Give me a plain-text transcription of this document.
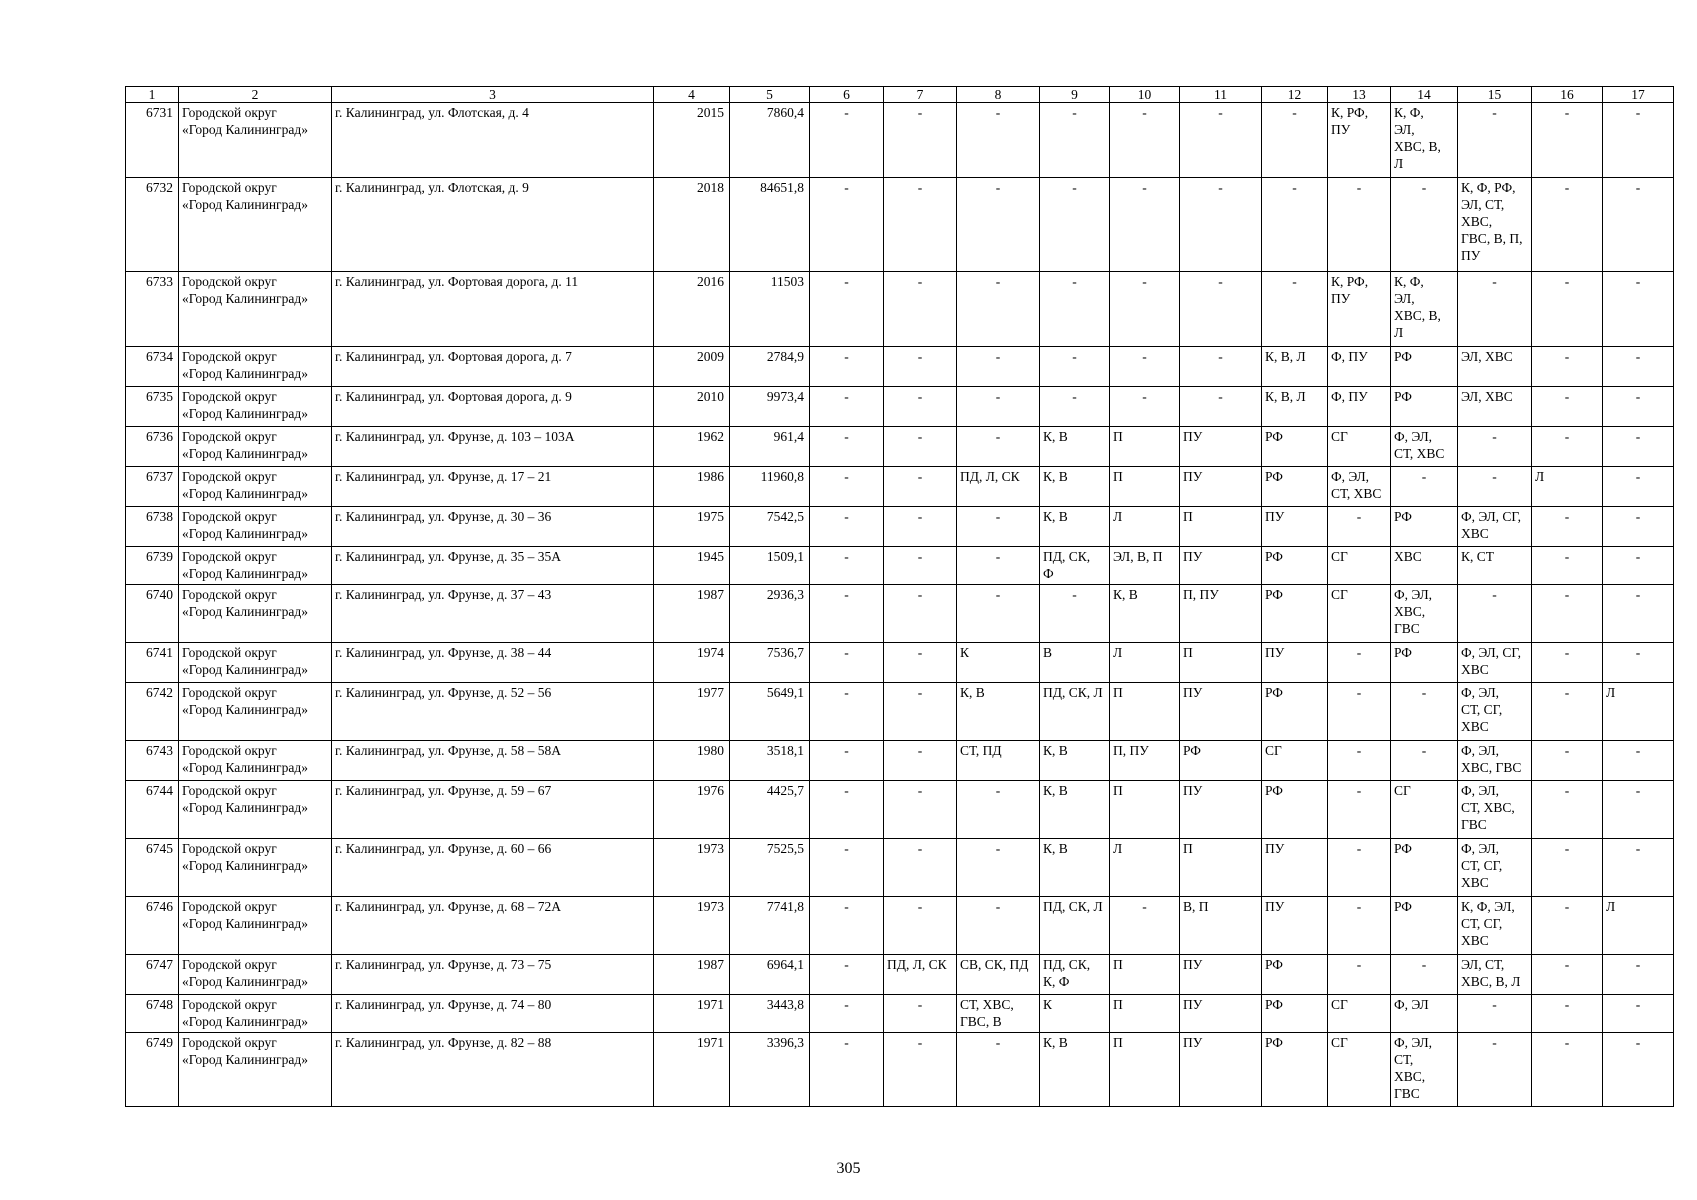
1	2	3	4	5	6	7	8	9	10	11	12	13	14	15	16	17
6731	Городской округ
«Город Калининград»	г. Калининград, ул. Флотская, д. 4	2015	7860,4	-	-	-	-	-	-	-	К, РФ,
ПУ	К, Ф,
ЭЛ,
ХВС, В,
Л	-	-	-
6732	Городской округ
«Город Калининград»	г. Калининград, ул. Флотская, д. 9	2018	84651,8	-	-	-	-	-	-	-	-	-	К, Ф, РФ,
ЭЛ, СТ,
ХВС,
ГВС, В, П,
ПУ	-	-
6733	Городской округ
«Город Калининград»	г. Калининград, ул. Фортовая дорога, д. 11	2016	11503	-	-	-	-	-	-	-	К, РФ,
ПУ	К, Ф,
ЭЛ,
ХВС, В,
Л	-	-	-
6734	Городской округ
«Город Калининград»	г. Калининград, ул. Фортовая дорога, д. 7	2009	2784,9	-	-	-	-	-	-	К, В, Л	Ф, ПУ	РФ	ЭЛ, ХВС	-	-
6735	Городской округ
«Город Калининград»	г. Калининград, ул. Фортовая дорога, д. 9	2010	9973,4	-	-	-	-	-	-	К, В, Л	Ф, ПУ	РФ	ЭЛ, ХВС	-	-
6736	Городской округ
«Город Калининград»	г. Калининград, ул. Фрунзе, д. 103 – 103А	1962	961,4	-	-	-	К, В	П	ПУ	РФ	СГ	Ф, ЭЛ,
СТ, ХВС	-	-	-
6737	Городской округ
«Город Калининград»	г. Калининград, ул. Фрунзе, д. 17 – 21	1986	11960,8	-	-	ПД, Л, СК	К, В	П	ПУ	РФ	Ф, ЭЛ,
СТ, ХВС	-	-	Л	-
6738	Городской округ
«Город Калининград»	г. Калининград, ул. Фрунзе, д. 30 – 36	1975	7542,5	-	-	-	К, В	Л	П	ПУ	-	РФ	Ф, ЭЛ, СГ,
ХВС	-	-
6739	Городской округ
«Город Калининград»	г. Калининград, ул. Фрунзе, д. 35 – 35А	1945	1509,1	-	-	-	ПД, СК,
Ф	ЭЛ, В, П	ПУ	РФ	СГ	ХВС	К, СТ	-	-
6740	Городской округ
«Город Калининград»	г. Калининград, ул. Фрунзе, д. 37 – 43	1987	2936,3	-	-	-	-	К, В	П, ПУ	РФ	СГ	Ф, ЭЛ,
ХВС,
ГВС	-	-	-
6741	Городской округ
«Город Калининград»	г. Калининград, ул. Фрунзе, д. 38 – 44	1974	7536,7	-	-	К	В	Л	П	ПУ	-	РФ	Ф, ЭЛ, СГ,
ХВС	-	-
6742	Городской округ
«Город Калининград»	г. Калининград, ул. Фрунзе, д. 52 – 56	1977	5649,1	-	-	К, В	ПД, СК, Л	П	ПУ	РФ	-	-	Ф, ЭЛ,
СТ, СГ,
ХВС	-	Л
6743	Городской округ
«Город Калининград»	г. Калининград, ул. Фрунзе, д. 58 – 58А	1980	3518,1	-	-	СТ, ПД	К, В	П, ПУ	РФ	СГ	-	-	Ф, ЭЛ,
ХВС, ГВС	-	-
6744	Городской округ
«Город Калининград»	г. Калининград, ул. Фрунзе, д. 59 – 67	1976	4425,7	-	-	-	К, В	П	ПУ	РФ	-	СГ	Ф, ЭЛ,
СТ, ХВС,
ГВС	-	-
6745	Городской округ
«Город Калининград»	г. Калининград, ул. Фрунзе, д. 60 – 66	1973	7525,5	-	-	-	К, В	Л	П	ПУ	-	РФ	Ф, ЭЛ,
СТ, СГ,
ХВС	-	-
6746	Городской округ
«Город Калининград»	г. Калининград, ул. Фрунзе, д. 68 – 72А	1973	7741,8	-	-	-	ПД, СК, Л	-	В, П	ПУ	-	РФ	К, Ф, ЭЛ,
СТ, СГ,
ХВС	-	Л
6747	Городской округ
«Город Калининград»	г. Калининград, ул. Фрунзе, д. 73 – 75	1987	6964,1	-	ПД, Л, СК	СВ, СК, ПД	ПД, СК,
К, Ф	П	ПУ	РФ	-	-	ЭЛ, СТ,
ХВС, В, Л	-	-
6748	Городской округ
«Город Калининград»	г. Калининград, ул. Фрунзе, д. 74 – 80	1971	3443,8	-	-	СТ, ХВС,
ГВС, В	К	П	ПУ	РФ	СГ	Ф, ЭЛ	-	-	-
6749	Городской округ
«Город Калининград»	г. Калининград, ул. Фрунзе, д. 82 – 88	1971	3396,3	-	-	-	К, В	П	ПУ	РФ	СГ	Ф, ЭЛ,
СТ,
ХВС,
ГВС	-	-	-
305
